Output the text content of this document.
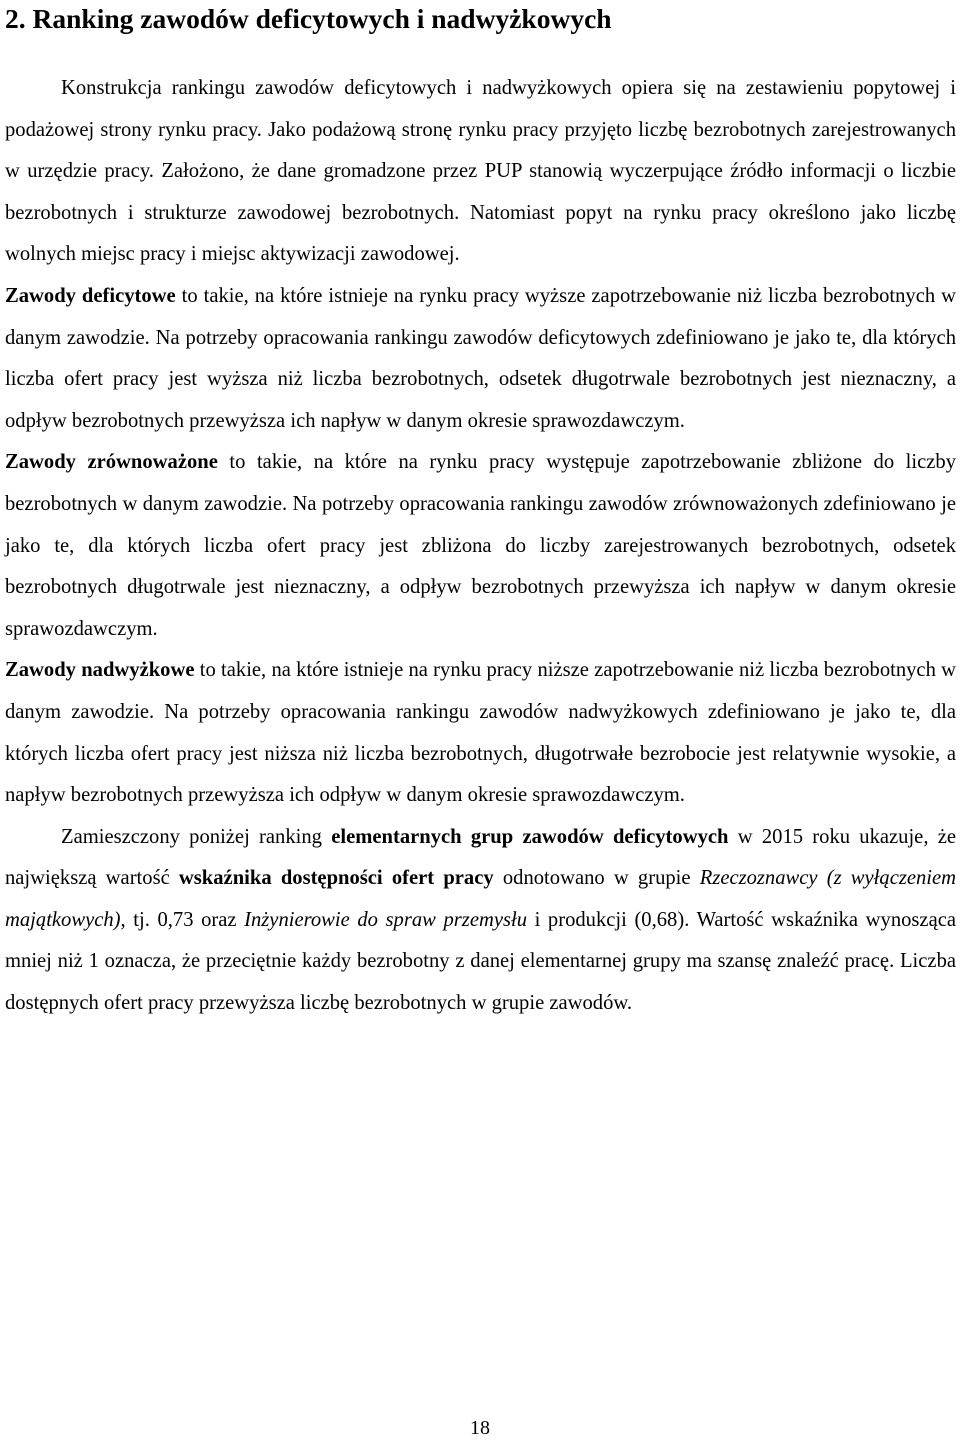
2. Ranking zawodów deficytowych i nadwyżkowych

Konstrukcja rankingu zawodów deficytowych i nadwyżkowych opiera się na zestawieniu popytowej i podażowej strony rynku pracy. Jako podażową stronę rynku pracy przyjęto liczbę bezrobotnych zarejestrowanych w urzędzie pracy. Założono, że dane gromadzone przez PUP stanowią wyczerpujące źródło informacji o liczbie bezrobotnych i strukturze zawodowej bezrobotnych. Natomiast popyt na rynku pracy określono jako liczbę wolnych miejsc pracy i miejsc aktywizacji zawodowej.

Zawody deficytowe to takie, na które istnieje na rynku pracy wyższe zapotrzebowanie niż liczba bezrobotnych w danym zawodzie. Na potrzeby opracowania rankingu zawodów deficytowych zdefiniowano je jako te, dla których liczba ofert pracy jest wyższa niż liczba bezrobotnych, odsetek długotrwale bezrobotnych jest nieznaczny, a odpływ bezrobotnych przewyższa ich napływ w danym okresie sprawozdawczym.

Zawody zrównoważone to takie, na które na rynku pracy występuje zapotrzebowanie zbliżone do liczby bezrobotnych w danym zawodzie. Na potrzeby opracowania rankingu zawodów zrównoważonych zdefiniowano je jako te, dla których liczba ofert pracy jest zbliżona do liczby zarejestrowanych bezrobotnych, odsetek bezrobotnych długotrwale jest nieznaczny, a odpływ bezrobotnych przewyższa ich napływ w danym okresie sprawozdawczym.

Zawody nadwyżkowe to takie, na które istnieje na rynku pracy niższe zapotrzebowanie niż liczba bezrobotnych w danym zawodzie. Na potrzeby opracowania rankingu zawodów nadwyżkowych zdefiniowano je jako te, dla których liczba ofert pracy jest niższa niż liczba bezrobotnych, długotrwałe bezrobocie jest relatywnie wysokie, a napływ bezrobotnych przewyższa ich odpływ w danym okresie sprawozdawczym.

Zamieszczony poniżej ranking elementarnych grup zawodów deficytowych w 2015 roku ukazuje, że największą wartość wskaźnika dostępności ofert pracy odnotowano w grupie Rzeczoznawcy (z wyłączeniem majątkowych), tj. 0,73 oraz Inżynierowie do spraw przemysłu i produkcji (0,68). Wartość wskaźnika wynosząca mniej niż 1 oznacza, że przeciętnie każdy bezrobotny z danej elementarnej grupy ma szansę znaleźć pracę. Liczba dostępnych ofert pracy przewyższa liczbę bezrobotnych w grupie zawodów.

18
